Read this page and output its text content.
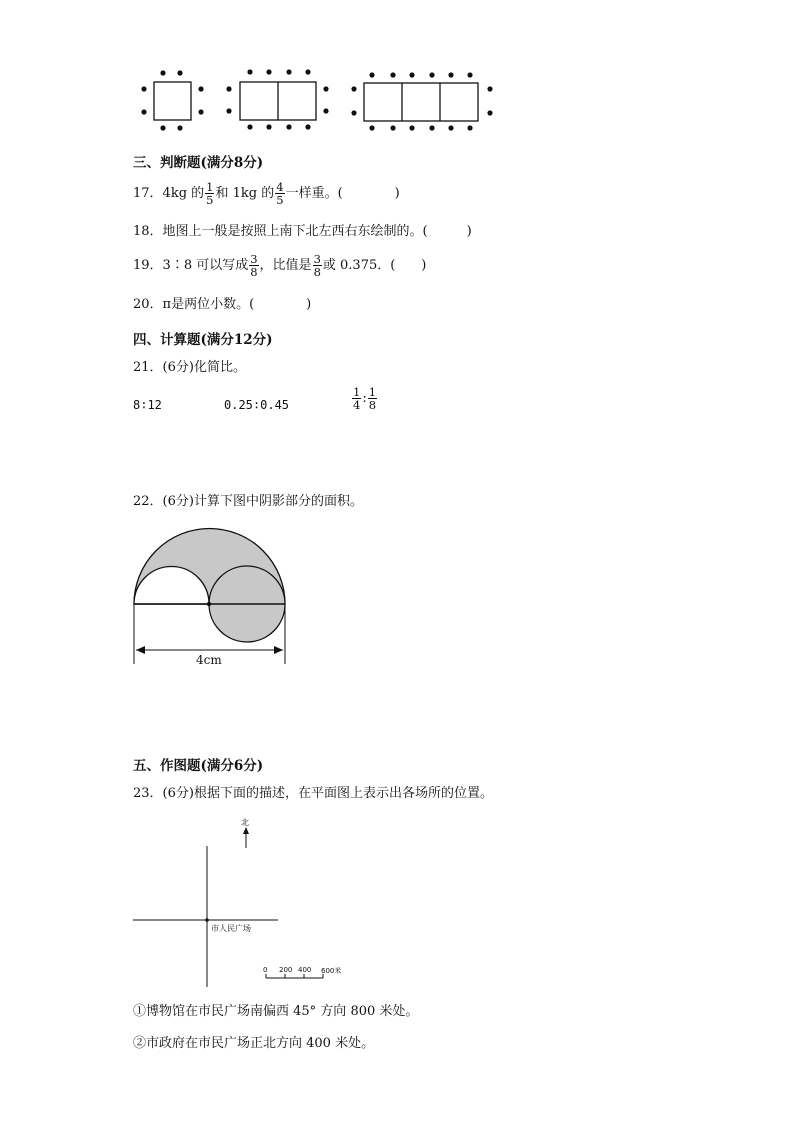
三、判断题(满分8分)
17．4kg 的 $\frac{1}{5}$ 和 1kg 的 $\frac{4}{5}$ 一样重。(　　　　)
18．地图上一般是按照上南下北左西右东绘制的。(　　　)
19．3∶8 可以写成 $\frac{3}{8}$ ，比值是 $\frac{3}{8}$ 或 0.375．(　　)
20．π是两位小数。(　　　　)
四、计算题(满分12分)
21．(6分)化简比。
8∶12	0.25∶0.45	$\frac{1}{4}$ : $\frac{1}{8}$
22．(6分)计算下图中阴影部分的面积。
4cm
五、作图题(满分6分)
23．(6分)根据下面的描述，在平面图上表示出各场所的位置。
北
市人民广场
0 200 400 600米
①博物馆在市民广场南偏西 45° 方向 800 米处。
②市政府在市民广场正北方向 400 米处。
